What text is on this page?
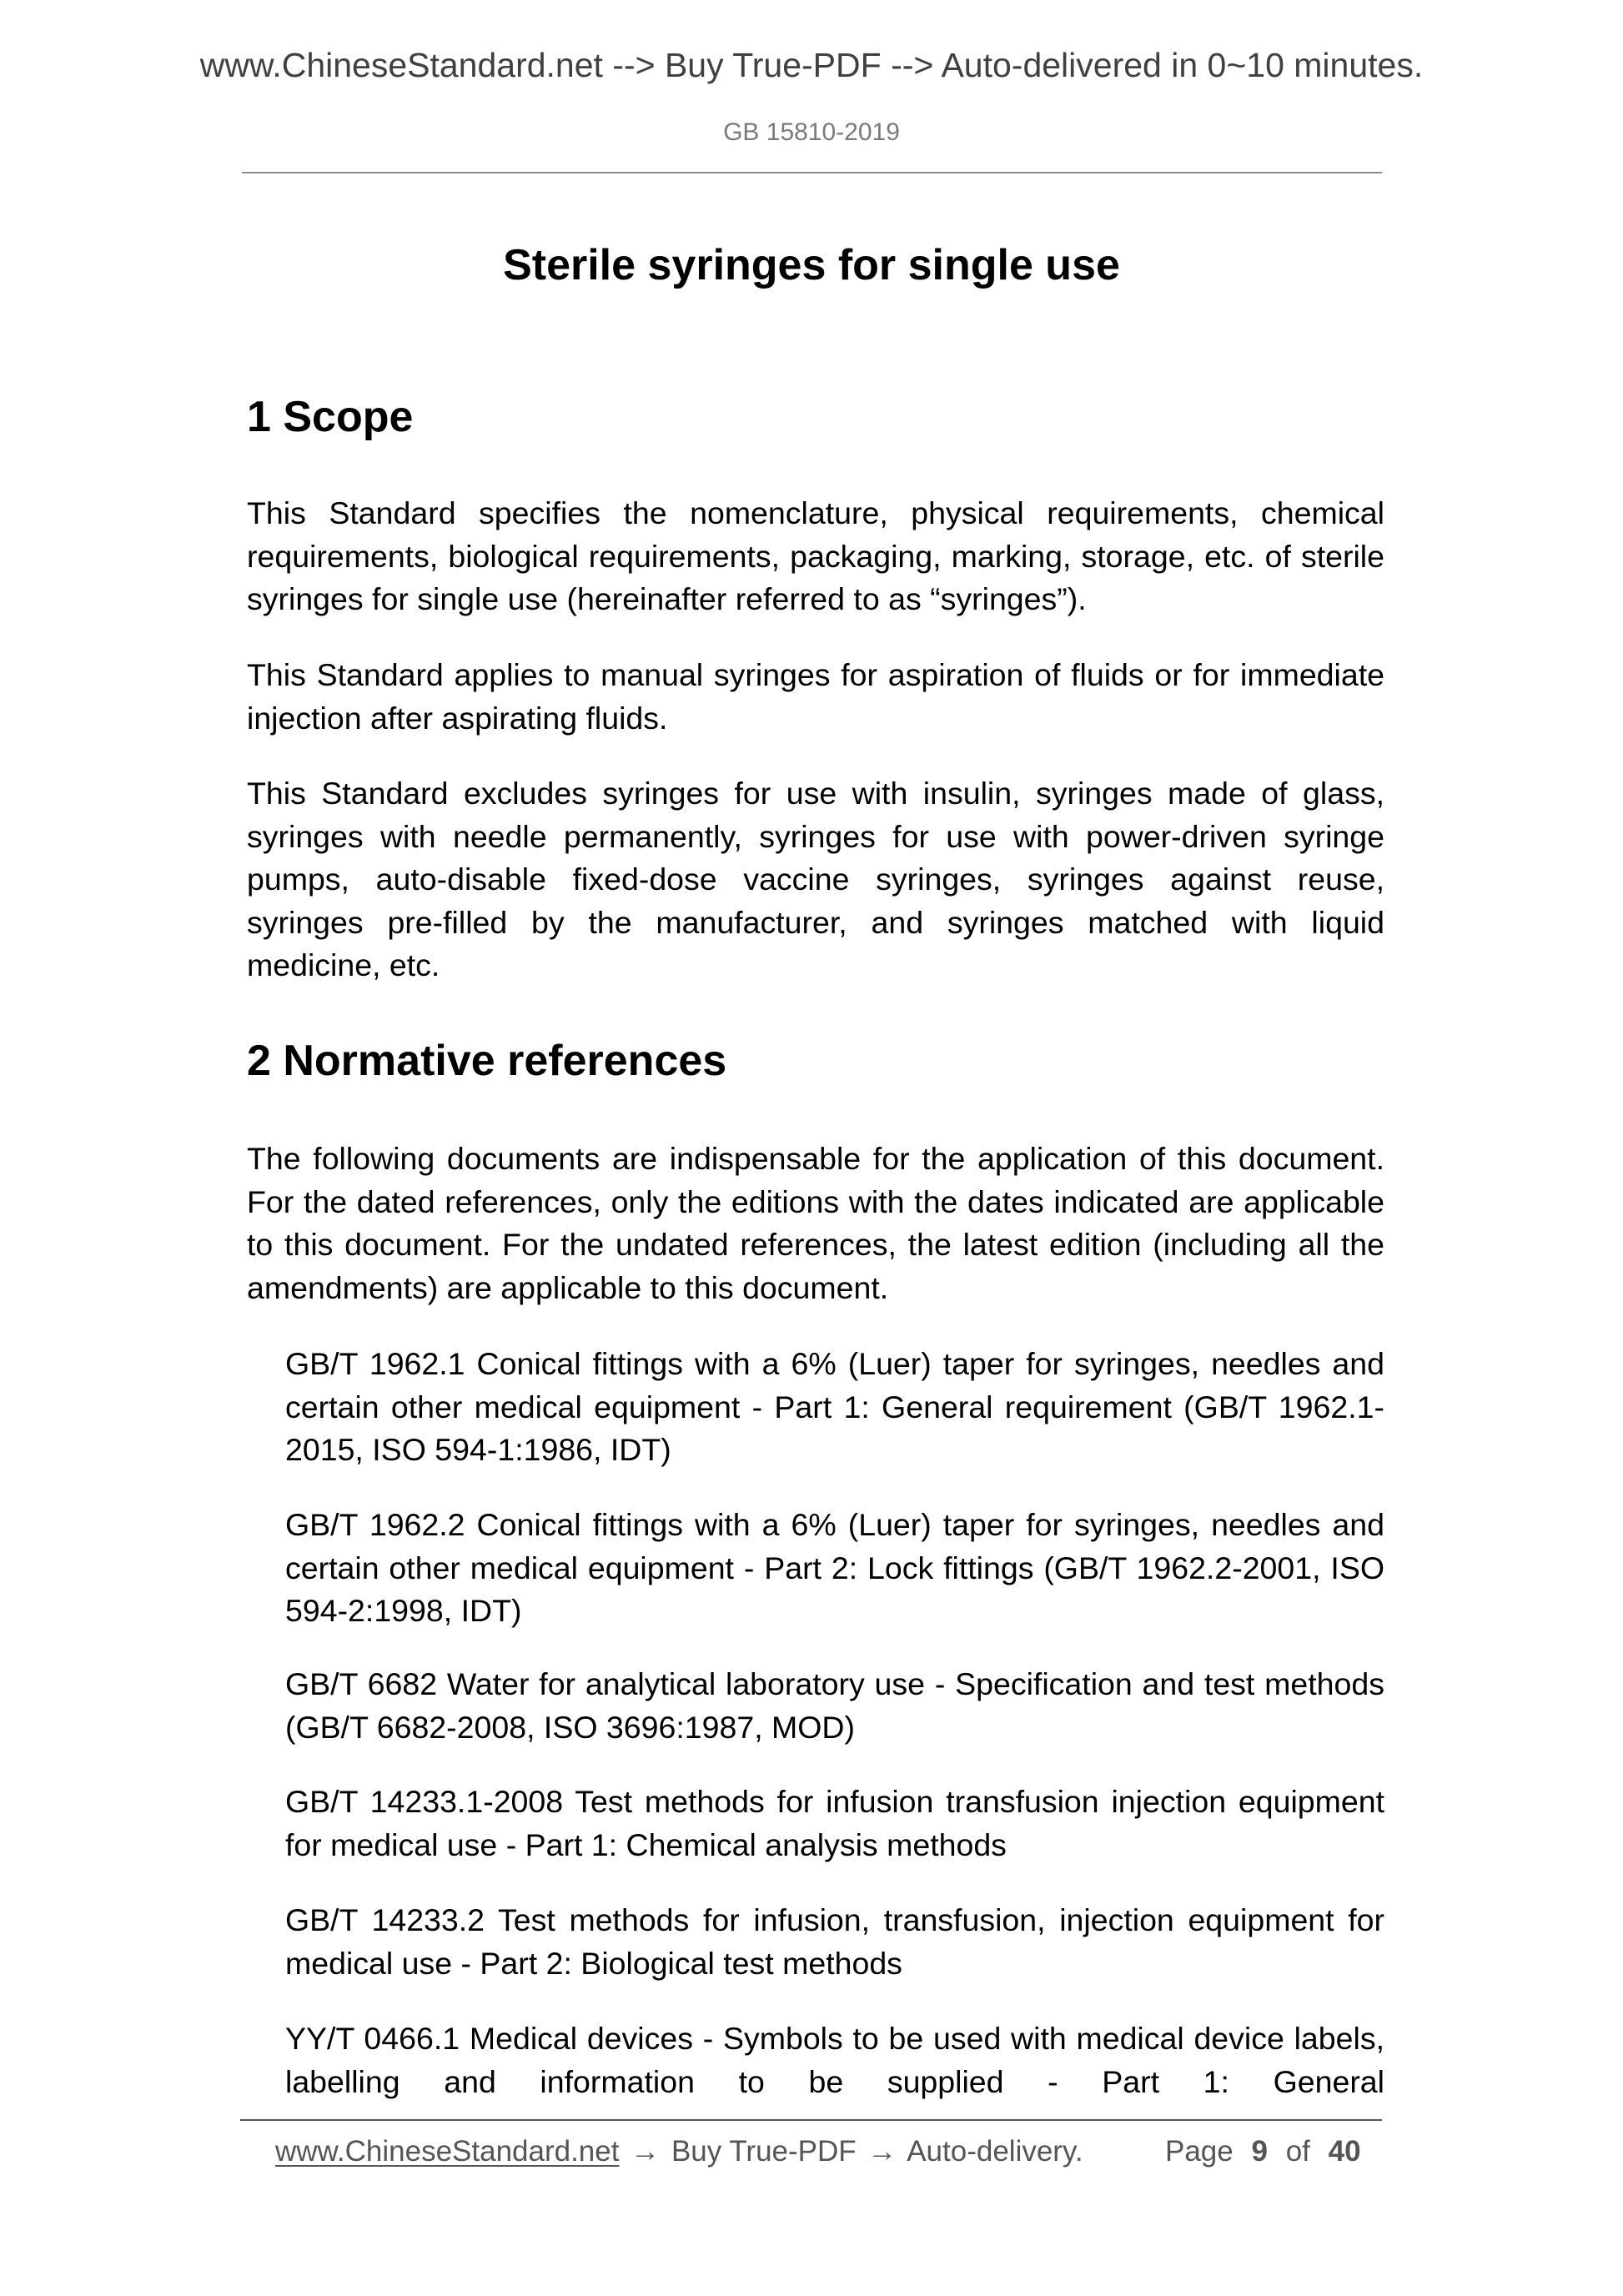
www.ChineseStandard.net --> Buy True-PDF --> Auto-delivered in 0~10 minutes.
GB 15810-2019
Sterile syringes for single use
1 Scope

This Standard specifies the nomenclature, physical requirements, chemical requirements, biological requirements, packaging, marking, storage, etc. of sterile syringes for single use (hereinafter referred to as “syringes”).

This Standard applies to manual syringes for aspiration of fluids or for immediate injection after aspirating fluids.

This Standard excludes syringes for use with insulin, syringes made of glass, syringes with needle permanently, syringes for use with power-driven syringe pumps, auto-disable fixed-dose vaccine syringes, syringes against reuse, syringes pre-filled by the manufacturer, and syringes matched with liquid medicine, etc.

2 Normative references

The following documents are indispensable for the application of this document. For the dated references, only the editions with the dates indicated are applicable to this document. For the undated references, the latest edition (including all the amendments) are applicable to this document.

GB/T 1962.1 Conical fittings with a 6% (Luer) taper for syringes, needles and certain other medical equipment - Part 1: General requirement (GB/T 1962.1-2015, ISO 594-1:1986, IDT)

GB/T 1962.2 Conical fittings with a 6% (Luer) taper for syringes, needles and certain other medical equipment - Part 2: Lock fittings (GB/T 1962.2-2001, ISO 594-2:1998, IDT)

GB/T 6682 Water for analytical laboratory use - Specification and test methods (GB/T 6682-2008, ISO 3696:1987, MOD)

GB/T 14233.1-2008 Test methods for infusion transfusion injection equipment for medical use - Part 1: Chemical analysis methods

GB/T 14233.2 Test methods for infusion, transfusion, injection equipment for medical use - Part 2: Biological test methods

YY/T 0466.1 Medical devices - Symbols to be used with medical device labels, labelling and information to be supplied - Part 1: General

www.ChineseStandard.net → Buy True-PDF → Auto-delivery.	Page 9 of 40
